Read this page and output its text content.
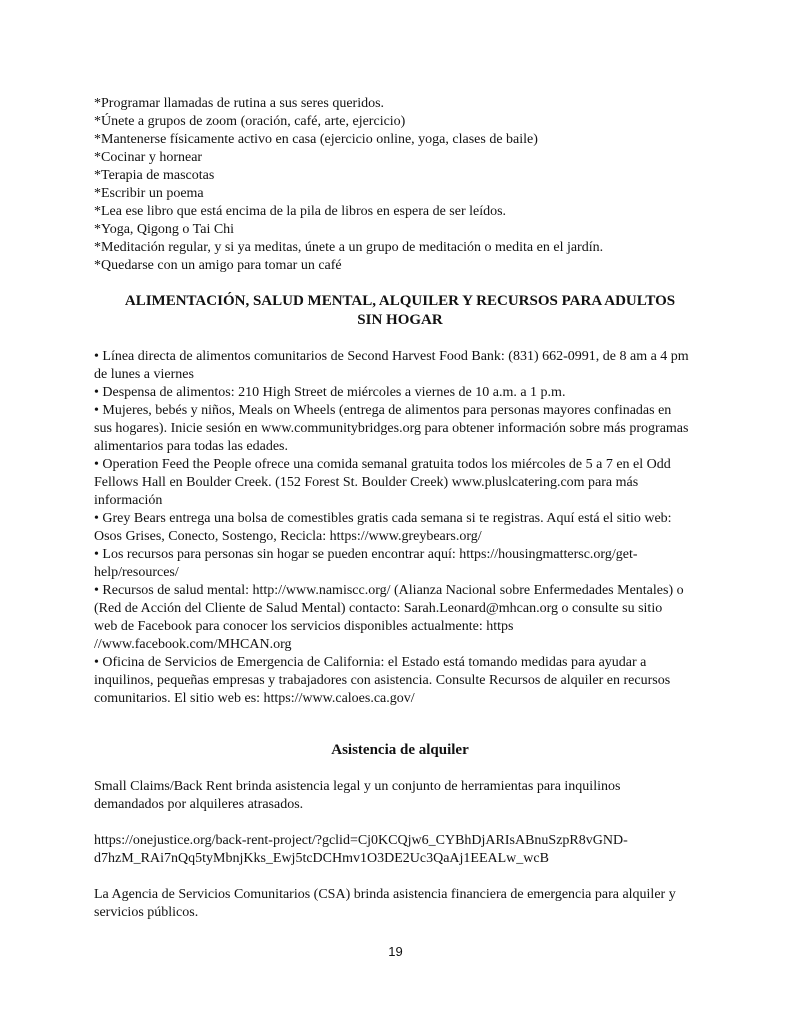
*Programar llamadas de rutina a sus seres queridos.
*Únete a grupos de zoom (oración, café, arte, ejercicio)
*Mantenerse físicamente activo en casa (ejercicio online, yoga, clases de baile)
*Cocinar y hornear
*Terapia de mascotas
*Escribir un poema
*Lea ese libro que está encima de la pila de libros en espera de ser leídos.
*Yoga, Qigong o Tai Chi
*Meditación regular, y si ya meditas, únete a un grupo de meditación o medita en el jardín.
*Quedarse con un amigo para tomar un café
ALIMENTACIÓN, SALUD MENTAL, ALQUILER Y RECURSOS PARA ADULTOS
SIN HOGAR
• Línea directa de alimentos comunitarios de Second Harvest Food Bank: (831) 662-0991, de 8 am a 4 pm
de lunes a viernes
• Despensa de alimentos: 210 High Street de miércoles a viernes de 10 a.m. a 1 p.m.
• Mujeres, bebés y niños, Meals on Wheels (entrega de alimentos para personas mayores confinadas en
sus hogares). Inicie sesión en www.communitybridges.org para obtener información sobre más programas
alimentarios para todas las edades.
• Operation Feed the People ofrece una comida semanal gratuita todos los miércoles de 5 a 7 en el Odd
Fellows Hall en Boulder Creek. (152 Forest St. Boulder Creek) www.pluslcatering.com para más
información
• Grey Bears entrega una bolsa de comestibles gratis cada semana si te registras. Aquí está el sitio web:
Osos Grises, Conecto, Sostengo, Recicla: https://www.greybears.org/
• Los recursos para personas sin hogar se pueden encontrar aquí: https://housingmattersc.org/get-
help/resources/
• Recursos de salud mental: http://www.namiscc.org/ (Alianza Nacional sobre Enfermedades Mentales) o
(Red de Acción del Cliente de Salud Mental) contacto: Sarah.Leonard@mhcan.org o consulte su sitio
web de Facebook para conocer los servicios disponibles actualmente: https
//www.facebook.com/MHCAN.org
• Oficina de Servicios de Emergencia de California: el Estado está tomando medidas para ayudar a
inquilinos, pequeñas empresas y trabajadores con asistencia. Consulte Recursos de alquiler en recursos
comunitarios. El sitio web es: https://www.caloes.ca.gov/
Asistencia de alquiler
Small Claims/Back Rent brinda asistencia legal y un conjunto de herramientas para inquilinos
demandados por alquileres atrasados.
https://onejustice.org/back-rent-project/?gclid=Cj0KCQjw6_CYBhDjARIsABnuSzpR8vGND-
d7hzM_RAi7nQq5tyMbnjKks_Ewj5tcDCHmv1O3DE2Uc3QaAj1EEALw_wcB
La Agencia de Servicios Comunitarios (CSA) brinda asistencia financiera de emergencia para alquiler y
servicios públicos.
19
